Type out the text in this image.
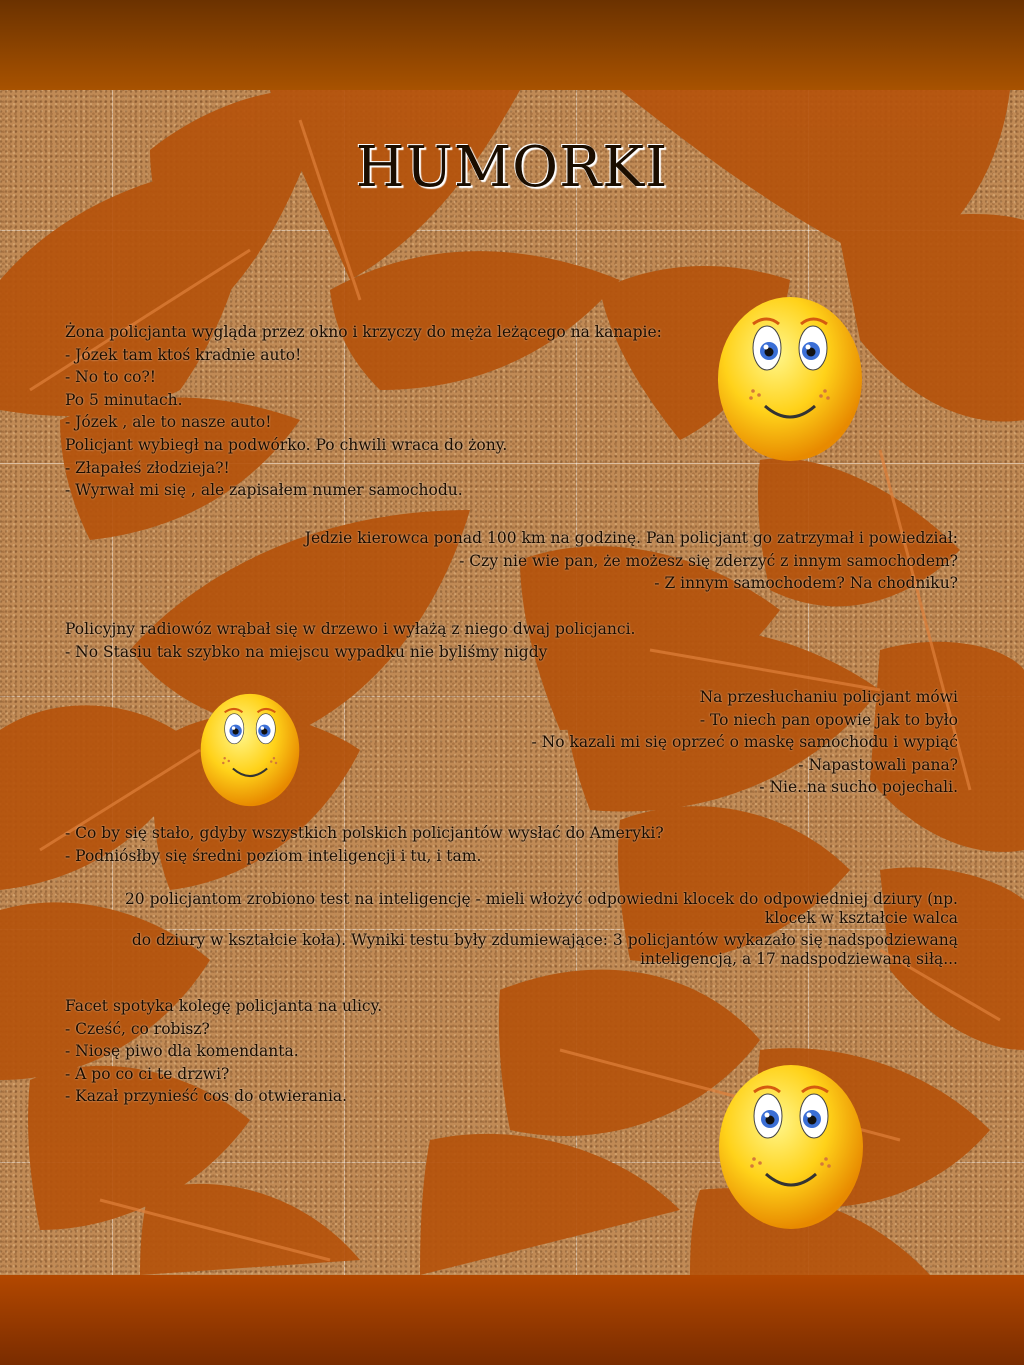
HUMORKI
Żona policjanta wygląda przez okno i krzyczy do męża leżącego na kanapie:
- Józek tam ktoś kradnie auto!
- No to co?!
Po 5 minutach.
- Józek , ale to nasze auto!
Policjant wybiegł na podwórko. Po chwili wraca do żony.
- Złapałeś złodzieja?!
- Wyrwał mi się , ale zapisałem numer samochodu.
Jedzie kierowca ponad 100 km na godzinę. Pan policjant go zatrzymał i powiedział:
- Czy nie wie pan, że możesz się zderzyć z innym samochodem?
- Z innym samochodem? Na chodniku?
Policyjny radiowóz wrąbał się w drzewo i wyłażą z niego dwaj policjanci.
- No Stasiu tak szybko na miejscu wypadku nie byliśmy nigdy
Na przesłuchaniu policjant mówi
- To niech pan opowie jak to było
- No kazali mi się oprzeć o maskę samochodu i wypiąć
- Napastowali pana?
- Nie..na sucho pojechali.
- Co by się stało, gdyby wszystkich polskich policjantów wysłać do Ameryki?
- Podniósłby się średni poziom inteligencji i tu, i tam.
20 policjantom zrobiono test na inteligencję - mieli włożyć odpowiedni klocek do odpowiedniej dziury (np.
klocek w kształcie walca
do dziury w kształcie koła). Wyniki testu były zdumiewające: 3 policjantów wykazało się nadspodziewaną
inteligencją, a 17 nadspodziewaną siłą...
Facet spotyka kolegę policjanta na ulicy.
- Cześć, co robisz?
- Niosę piwo dla komendanta.
- A po co ci te drzwi?
- Kazał przynieść cos do otwierania.
